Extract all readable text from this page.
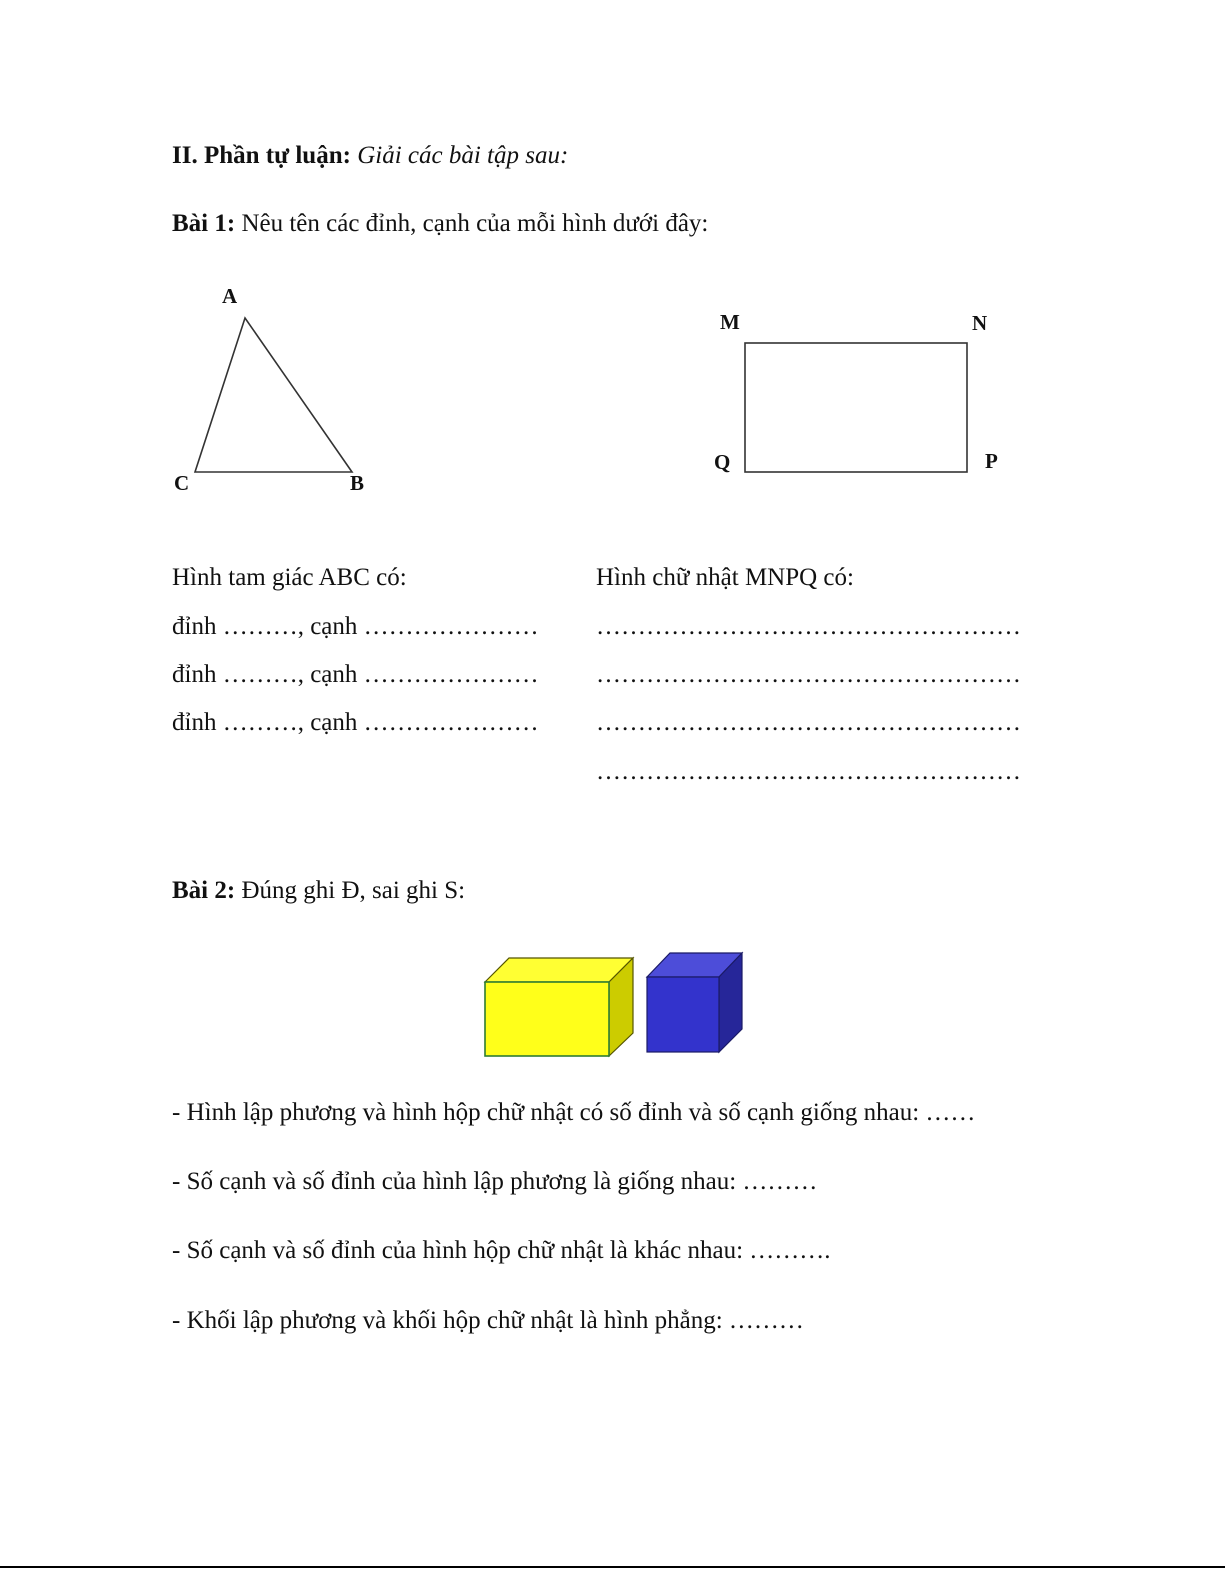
II. Phần tự luận: Giải các bài tập sau:
Bài 1: Nêu tên các đỉnh, cạnh của mỗi hình dưới đây:
A
B
C
M	N
P
Q
Hình tam giác ABC có:
đỉnh ………, cạnh …………………
đỉnh ………, cạnh …………………
đỉnh ………, cạnh …………………
Hình chữ nhật MNPQ có:
……………………………………………
……………………………………………
……………………………………………
……………………………………………
Bài 2: Đúng ghi Đ, sai ghi S:
- Hình lập phương và hình hộp chữ nhật có số đỉnh và số cạnh giống nhau: ……
- Số cạnh và số đỉnh của hình lập phương là giống nhau: ………
- Số cạnh và số đỉnh của hình hộp chữ nhật là khác nhau: ……….
- Khối lập phương và khối hộp chữ nhật là hình phẳng: ………
